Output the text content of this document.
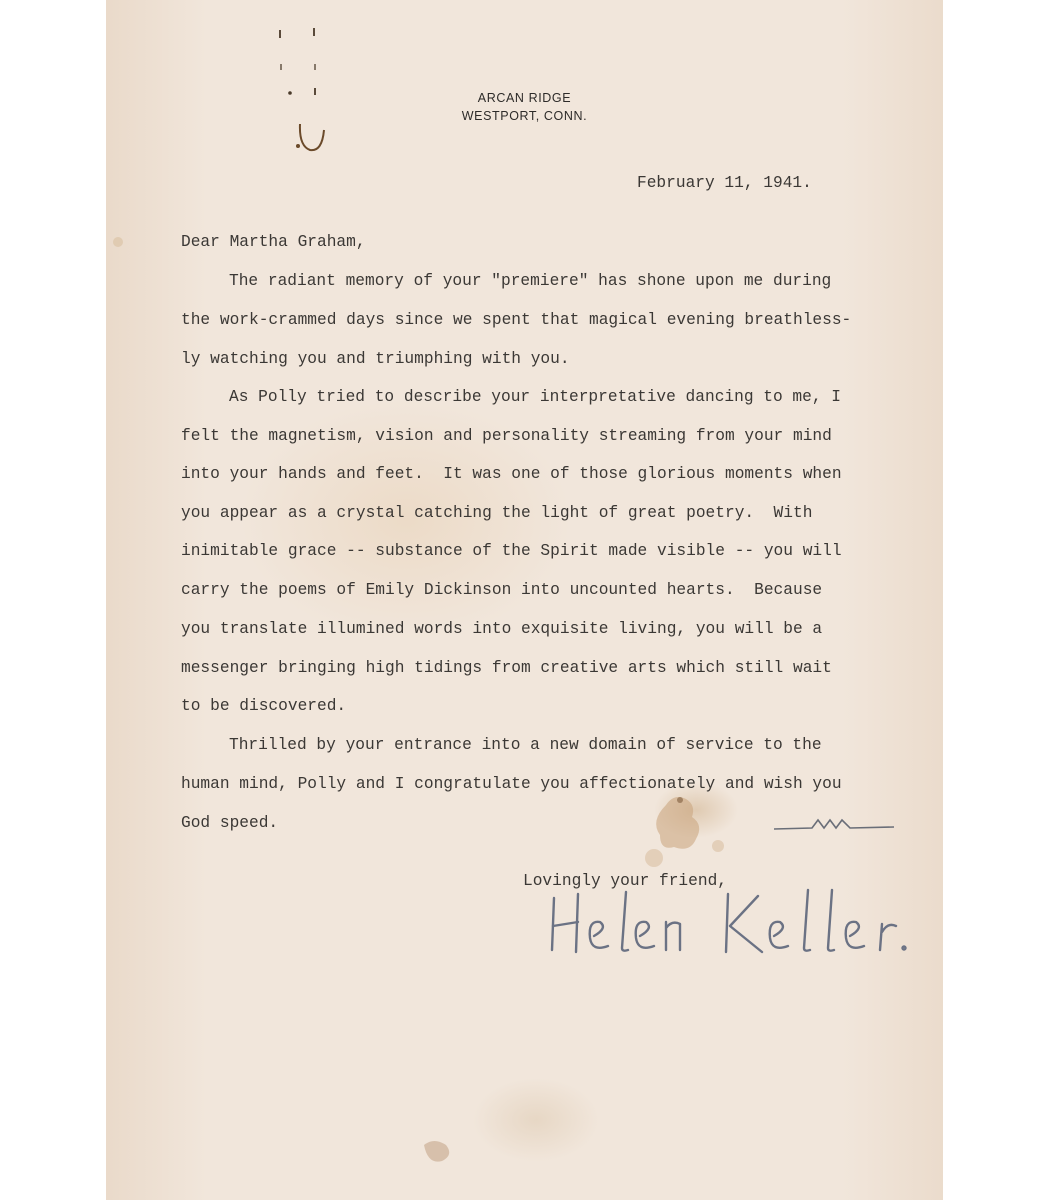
ARCAN RIDGE
WESTPORT, CONN.
February 11, 1941.
Dear Martha Graham,
The radiant memory of your "premiere" has shone upon me during
the work-crammed days since we spent that magical evening breathless-
ly watching you and triumphing with you.
As Polly tried to describe your interpretative dancing to me, I
felt the magnetism, vision and personality streaming from your mind
into your hands and feet.  It was one of those glorious moments when
you appear as a crystal catching the light of great poetry.  With
inimitable grace -- substance of the Spirit made visible -- you will
carry the poems of Emily Dickinson into uncounted hearts.  Because
you translate illumined words into exquisite living, you will be a
messenger bringing high tidings from creative arts which still wait
to be discovered.
Thrilled by your entrance into a new domain of service to the
human mind, Polly and I congratulate you affectionately and wish you
God speed.
Lovingly your friend,
